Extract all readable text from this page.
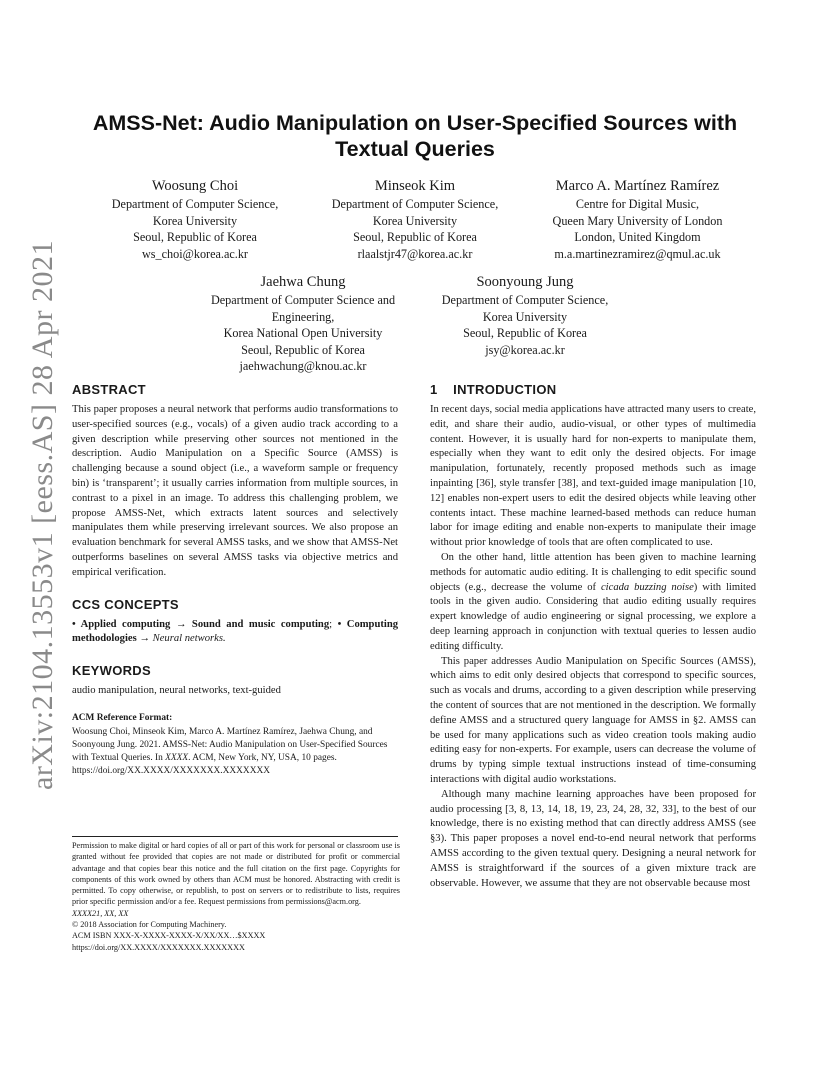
arXiv:2104.13553v1 [eess.AS] 28 Apr 2021
AMSS-Net: Audio Manipulation on User-Specified Sources with Textual Queries
Woosung Choi
Department of Computer Science,
Korea University
Seoul, Republic of Korea
ws_choi@korea.ac.kr
Minseok Kim
Department of Computer Science,
Korea University
Seoul, Republic of Korea
rlaalstjr47@korea.ac.kr
Marco A. Martínez Ramírez
Centre for Digital Music,
Queen Mary University of London
London, United Kingdom
m.a.martinezramirez@qmul.ac.uk
Jaehwa Chung
Department of Computer Science and
Engineering,
Korea National Open University
Seoul, Republic of Korea
jaehwachung@knou.ac.kr
Soonyoung Jung
Department of Computer Science,
Korea University
Seoul, Republic of Korea
jsy@korea.ac.kr
ABSTRACT

This paper proposes a neural network that performs audio transformations to user-specified sources (e.g., vocals) of a given audio track according to a given description while preserving other sources not mentioned in the description. Audio Manipulation on a Specific Source (AMSS) is challenging because a sound object (i.e., a waveform sample or frequency bin) is ‘transparent’; it usually carries information from multiple sources, in contrast to a pixel in an image. To address this challenging problem, we propose AMSS-Net, which extracts latent sources and selectively manipulates them while preserving irrelevant sources. We also propose an evaluation benchmark for several AMSS tasks, and we show that AMSS-Net outperforms baselines on several AMSS tasks via objective metrics and empirical verification.

CCS CONCEPTS

• Applied computing → Sound and music computing; • Computing methodologies → Neural networks.

KEYWORDS

audio manipulation, neural networks, text-guided

ACM Reference Format:

Woosung Choi, Minseok Kim, Marco A. Martínez Ramírez, Jaehwa Chung, and Soonyoung Jung. 2021. AMSS-Net: Audio Manipulation on User-Specified Sources with Textual Queries. In XXXX. ACM, New York, NY, USA, 10 pages. https://doi.org/XX.XXXX/XXXXXXX.XXXXXXX

Permission to make digital or hard copies of all or part of this work for personal or classroom use is granted without fee provided that copies are not made or distributed for profit or commercial advantage and that copies bear this notice and the full citation on the first page. Copyrights for components of this work owned by others than ACM must be honored. Abstracting with credit is permitted. To copy otherwise, or republish, to post on servers or to redistribute to lists, requires prior specific permission and/or a fee. Request permissions from permissions@acm.org.

XXXX21, XX, XX

© 2018 Association for Computing Machinery.

ACM ISBN XXX-X-XXXX-XXXX-X/XX/XX…$XXXX

https://doi.org/XX.XXXX/XXXXXXX.XXXXXXX

1    INTRODUCTION

In recent days, social media applications have attracted many users to create, edit, and share their audio, audio-visual, or other types of multimedia content. However, it is usually hard for non-experts to manipulate them, especially when they want to edit only the desired objects. For image manipulation, fortunately, recently proposed methods such as image inpainting [36], style transfer [38], and text-guided image manipulation [10, 12] enables non-expert users to edit the desired objects while leaving other contents intact. These machine learned-based methods can reduce human labor for image editing and enable non-experts to manipulate their image without prior knowledge of tools that are often complicated to use.

On the other hand, little attention has been given to machine learning methods for automatic audio editing. It is challenging to edit specific sound objects (e.g., decrease the volume of cicada buzzing noise) with limited tools in the given audio. Considering that audio editing usually requires expert knowledge of audio engineering or signal processing, we explore a deep learning approach in conjunction with textual queries to lessen audio editing difficulty.

This paper addresses Audio Manipulation on Specific Sources (AMSS), which aims to edit only desired objects that correspond to specific sources, such as vocals and drums, according to a given description while preserving the content of sources that are not mentioned in the description. We formally define AMSS and a structured query language for AMSS in §2. AMSS can be used for many applications such as video creation tools making audio editing easy for non-experts. For example, users can decrease the volume of drums by typing simple textual instructions instead of time-consuming interactions with digital audio workstations.

Although many machine learning approaches have been proposed for audio processing [3, 8, 13, 14, 18, 19, 23, 24, 28, 32, 33], to the best of our knowledge, there is no existing method that can directly address AMSS (see §3). This paper proposes a novel end-to-end neural network that performs AMSS according to the given textual query. Designing a neural network for AMSS is straightforward if the sources of a given mixture track are observable. However, we assume that they are not observable because most
